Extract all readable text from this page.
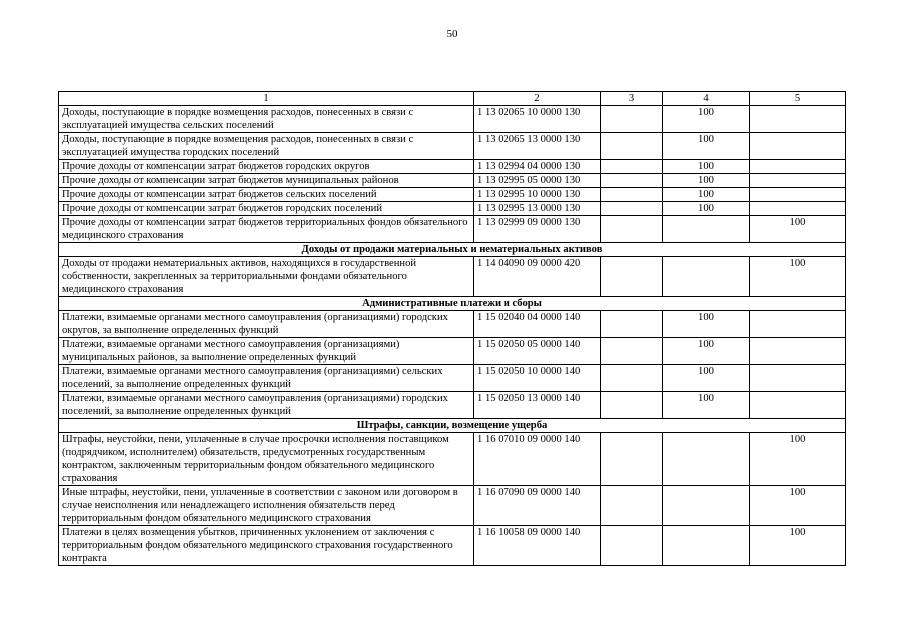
50
1	2	3	4	5
Доходы, поступающие в порядке возмещения расходов, понесенных в связи с эксплуатацией имущества сельских поселений	1 13 02065 10 0000 130		100	
Доходы, поступающие в порядке возмещения расходов, понесенных в связи с эксплуатацией имущества городских поселений	1 13 02065 13 0000 130		100	
Прочие доходы от компенсации затрат бюджетов городских округов	1 13 02994 04 0000 130		100	
Прочие доходы от компенсации затрат бюджетов муниципальных районов	1 13 02995 05 0000 130		100	
Прочие доходы от компенсации затрат бюджетов сельских поселений	1 13 02995 10 0000 130		100	
Прочие доходы от компенсации затрат бюджетов городских поселений	1 13 02995 13 0000 130		100	
Прочие доходы от компенсации затрат бюджетов территориальных фондов обязательного медицинского страхования	1 13 02999 09 0000 130			100
Доходы от продажи материальных и нематериальных активов				
Доходы от продажи нематериальных активов, находящихся в государственной собственности, закрепленных за территориальными фондами обязательного медицинского страхования	1 14 04090 09 0000 420			100
Административные платежи и сборы				
Платежи, взимаемые органами местного самоуправления (организациями) городских округов, за выполнение определенных функций	1 15 02040 04 0000 140		100	
Платежи, взимаемые органами местного самоуправления (организациями) муниципальных районов, за выполнение определенных функций	1 15 02050 05 0000 140		100	
Платежи, взимаемые органами местного самоуправления (организациями) сельских поселений, за выполнение определенных функций	1 15 02050 10 0000 140		100	
Платежи, взимаемые органами местного самоуправления (организациями) городских поселений, за выполнение определенных функций	1 15 02050 13 0000 140		100	
Штрафы, санкции, возмещение ущерба				
Штрафы, неустойки, пени, уплаченные в случае просрочки исполнения поставщиком (подрядчиком, исполнителем) обязательств, предусмотренных государственным контрактом, заключенным территориальным фондом обязательного медицинского страхования	1 16 07010 09 0000 140			100
Иные штрафы, неустойки, пени, уплаченные в соответствии с законом или договором в случае неисполнения или ненадлежащего исполнения обязательств перед территориальным фондом обязательного медицинского страхования	1 16 07090 09 0000 140			100
Платежи в целях возмещения убытков, причиненных уклонением от заключения с территориальным фондом обязательного медицинского страхования государственного контракта	1 16 10058 09 0000 140			100
